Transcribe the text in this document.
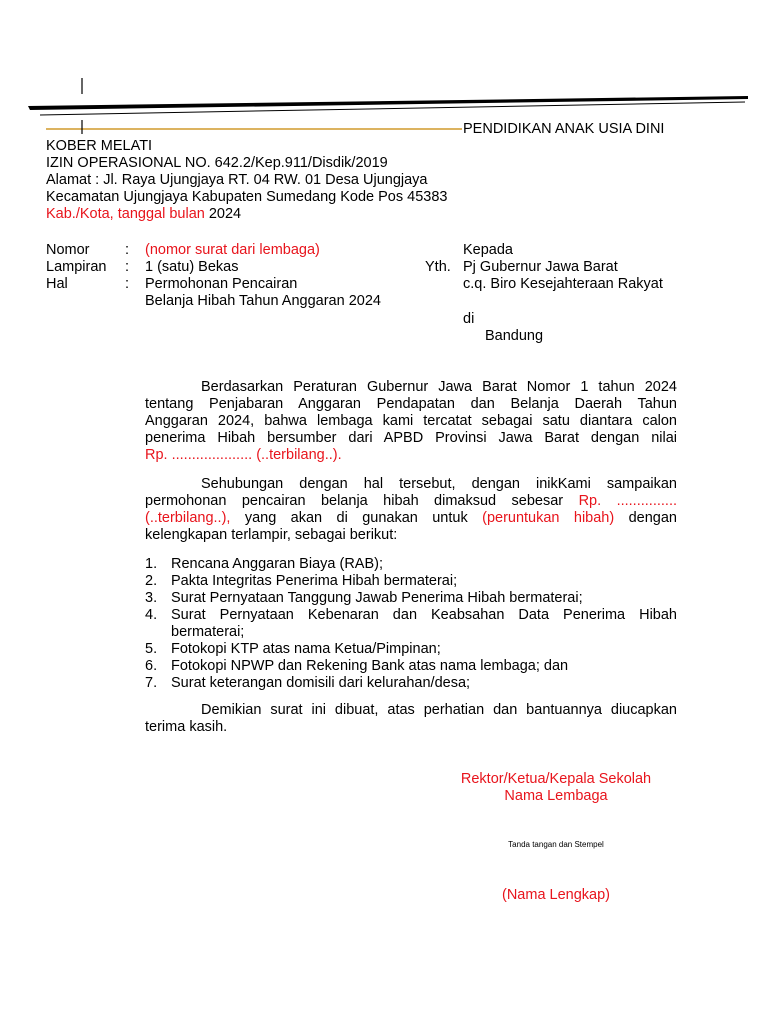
PENDIDIKAN ANAK USIA DINI
KOBER MELATI
IZIN OPERASIONAL NO. 642.2/Kep.911/Disdik/2019
Alamat : Jl. Raya Ujungjaya RT. 04 RW. 01 Desa Ujungjaya
Kecamatan Ujungjaya Kabupaten Sumedang Kode Pos 45383
Kab./Kota, tanggal bulan 2024
Nomor : (nomor surat dari lembaga)
Lampiran : 1 (satu) Bekas
Hal	: Permohonan Pencairan
Belanja Hibah Tahun Anggaran 2024
Kepada
Yth. Pj Gubernur Jawa Barat
c.q. Biro Kesejahteraan Rakyat
di
Bandung
Berdasarkan Peraturan Gubernur Jawa Barat Nomor 1 tahun 2024
tentang Penjabaran Anggaran Pendapatan dan Belanja Daerah Tahun
Anggaran 2024, bahwa lembaga kami tercatat sebagai satu diantara calon
penerima Hibah bersumber dari APBD Provinsi Jawa Barat dengan nilai
Rp. .................... (..terbilang..).
Sehubungan dengan hal tersebut, dengan inikKami sampaikan
permohonan pencairan belanja hibah dimaksud sebesar Rp. ...............
(..terbilang..), yang akan di gunakan untuk (peruntukan hibah) dengan
kelengkapan terlampir, sebagai berikut:
1. Rencana Anggaran Biaya (RAB);
2. Pakta Integritas Penerima Hibah bermaterai;
3. Surat Pernyataan Tanggung Jawab Penerima Hibah bermaterai;
4. Surat Pernyataan Kebenaran dan Keabsahan Data Penerima Hibah
bermaterai;
5. Fotokopi KTP atas nama Ketua/Pimpinan;
6. Fotokopi NPWP dan Rekening Bank atas nama lembaga; dan
7. Surat keterangan domisili dari kelurahan/desa;
Demikian surat ini dibuat, atas perhatian dan bantuannya diucapkan
terima kasih.
Rektor/Ketua/Kepala Sekolah
Nama Lembaga
Tanda tangan dan Stempel
(Nama Lengkap)
